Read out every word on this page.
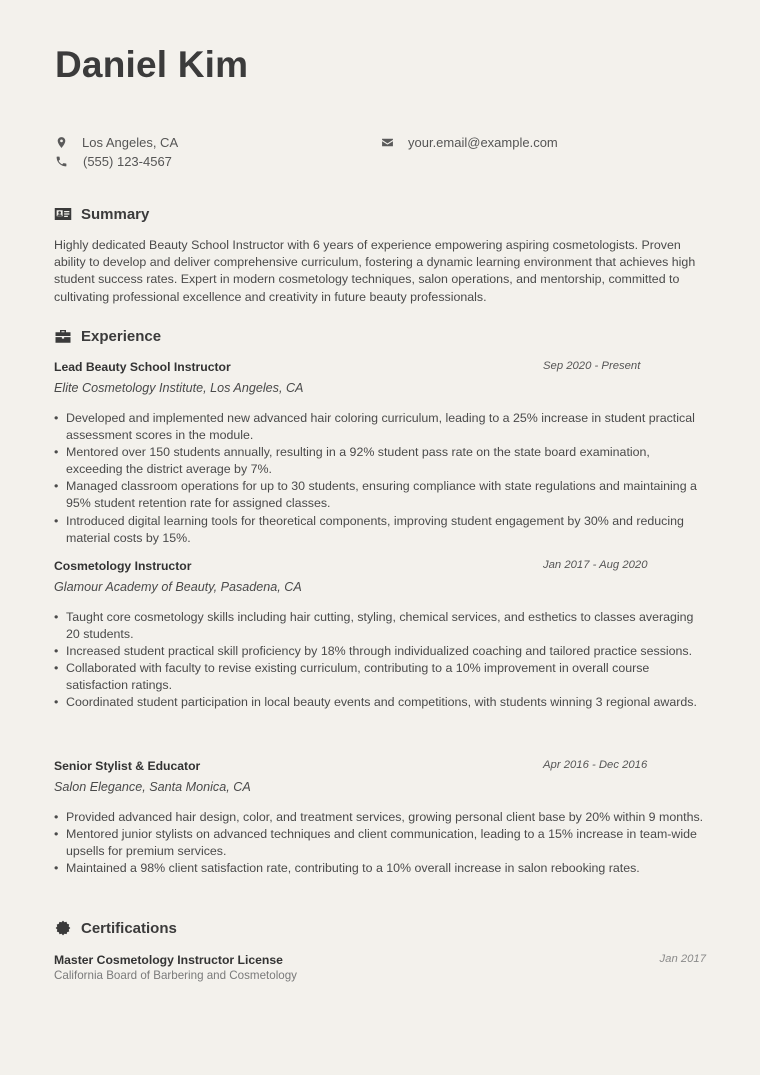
Daniel Kim
Los Angeles, CA
(555) 123-4567
your.email@example.com
Summary

Highly dedicated Beauty School Instructor with 6 years of experience empowering aspiring cosmetologists. Proven ability to develop and deliver comprehensive curriculum, fostering a dynamic learning environment that achieves high student success rates. Expert in modern cosmetology techniques, salon operations, and mentorship, committed to cultivating professional excellence and creativity in future beauty professionals.

Experience
Lead Beauty School Instructor	Sep 2020 - Present
Elite Cosmetology Institute, Los Angeles, CA
• Developed and implemented new advanced hair coloring curriculum, leading to a 25% increase in student practical assessment scores in the module.
• Mentored over 150 students annually, resulting in a 92% student pass rate on the state board examination, exceeding the district average by 7%.
• Managed classroom operations for up to 30 students, ensuring compliance with state regulations and maintaining a 95% student retention rate for assigned classes.
• Introduced digital learning tools for theoretical components, improving student engagement by 30% and reducing material costs by 15%.
Cosmetology Instructor	Jan 2017 - Aug 2020
Glamour Academy of Beauty, Pasadena, CA
• Taught core cosmetology skills including hair cutting, styling, chemical services, and esthetics to classes averaging 20 students.
• Increased student practical skill proficiency by 18% through individualized coaching and tailored practice sessions.
• Collaborated with faculty to revise existing curriculum, contributing to a 10% improvement in overall course satisfaction ratings.
• Coordinated student participation in local beauty events and competitions, with students winning 3 regional awards.
Senior Stylist & Educator	Apr 2016 - Dec 2016
Salon Elegance, Santa Monica, CA
• Provided advanced hair design, color, and treatment services, growing personal client base by 20% within 9 months.
• Mentored junior stylists on advanced techniques and client communication, leading to a 15% increase in team-wide upsells for premium services.
• Maintained a 98% client satisfaction rate, contributing to a 10% overall increase in salon rebooking rates.
Certifications
Master Cosmetology Instructor License
California Board of Barbering and Cosmetology
Jan 2017
